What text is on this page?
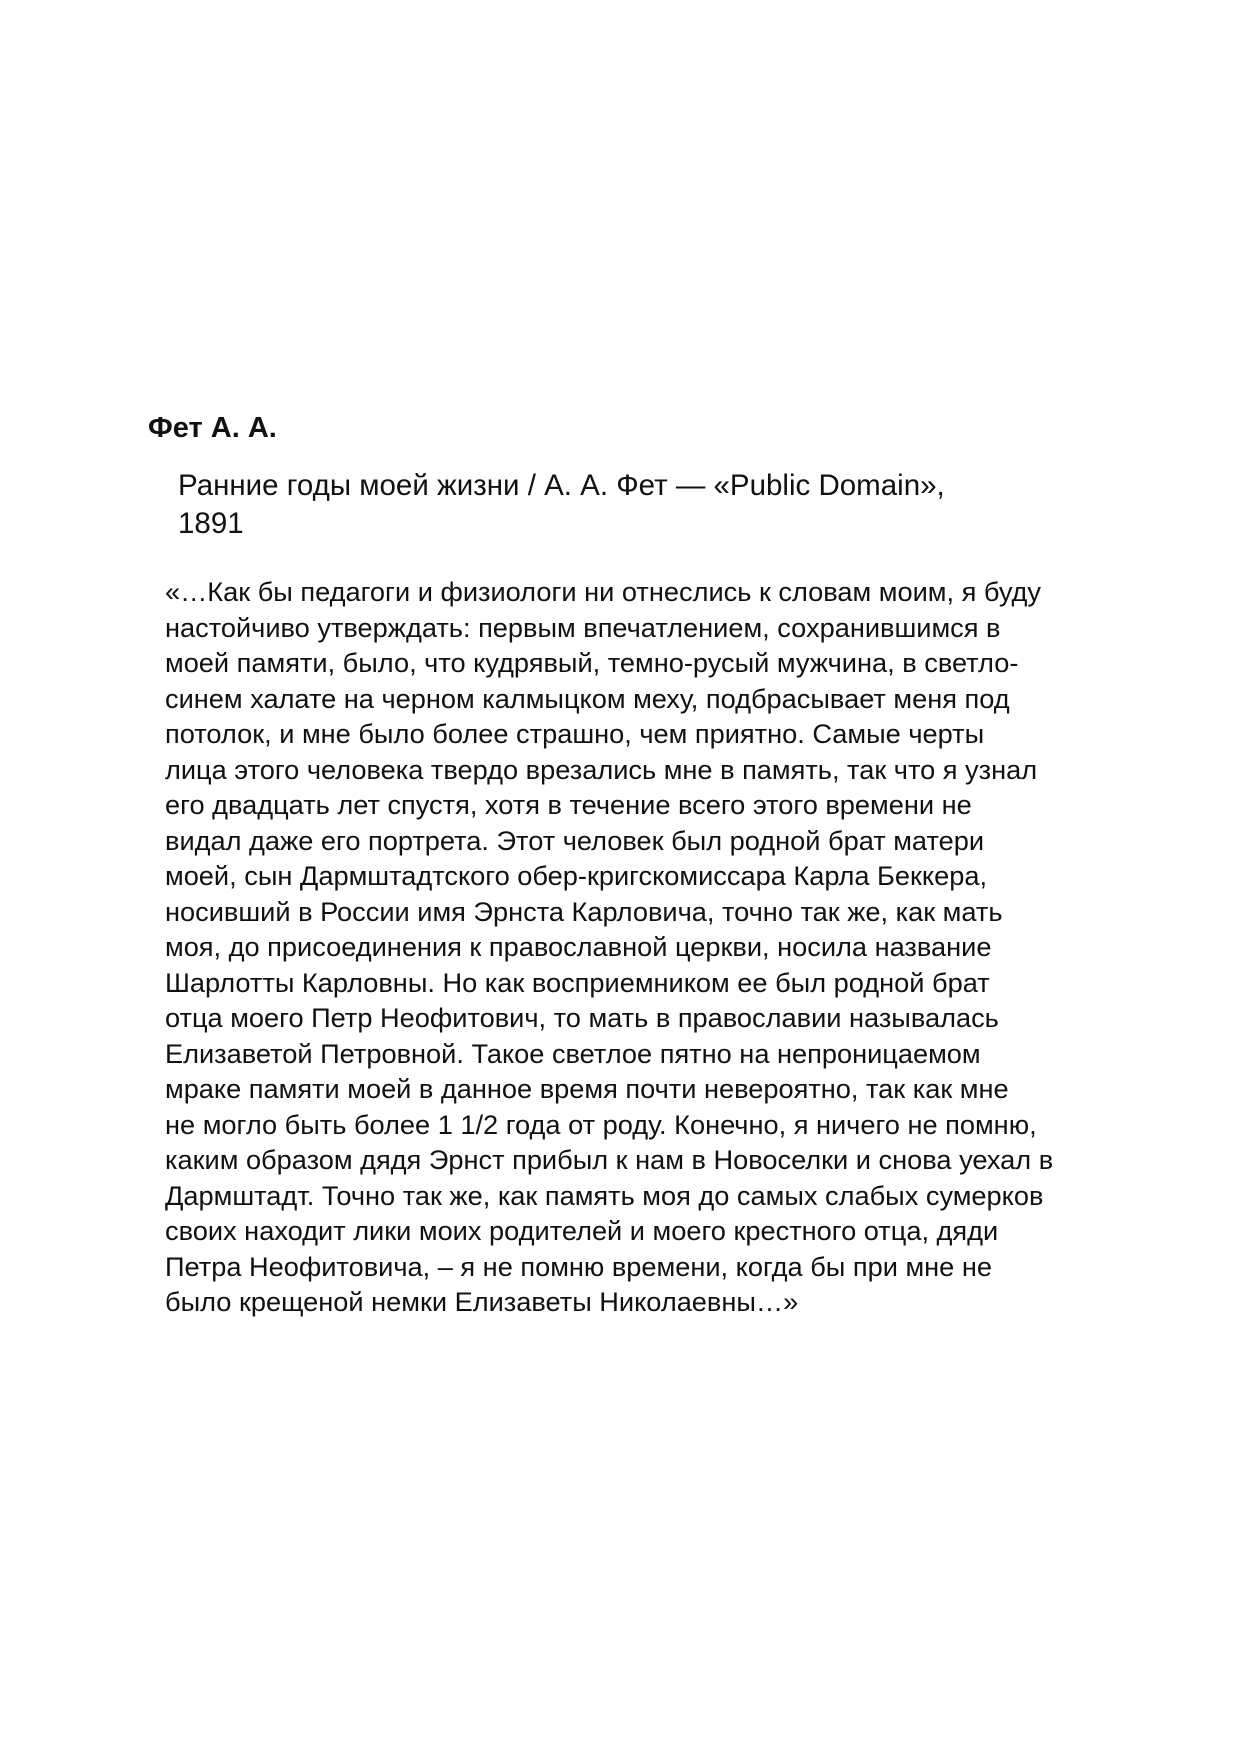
Фет А. А.

Ранние годы моей жизни / А. А. Фет — «Public Domain»,
1891

«…Как бы педагоги и физиологи ни отнеслись к словам моим, я буду
настойчиво утверждать: первым впечатлением, сохранившимся в
моей памяти, было, что кудрявый, темно-русый мужчина, в светло-
синем халате на черном калмыцком меху, подбрасывает меня под
потолок, и мне было более страшно, чем приятно. Самые черты
лица этого человека твердо врезались мне в память, так что я узнал
его двадцать лет спустя, хотя в течение всего этого времени не
видал даже его портрета. Этот человек был родной брат матери
моей, сын Дармштадтского обер-кригскомиссара Карла Беккера,
носивший в России имя Эрнста Карловича, точно так же, как мать
моя, до присоединения к православной церкви, носила название
Шарлотты Карловны. Но как восприемником ее был родной брат
отца моего Петр Неофитович, то мать в православии называлась
Елизаветой Петровной. Такое светлое пятно на непроницаемом
мраке памяти моей в данное время почти невероятно, так как мне
не могло быть более 1 1/2 года от роду. Конечно, я ничего не помню,
каким образом дядя Эрнст прибыл к нам в Новоселки и снова уехал в
Дармштадт. Точно так же, как память моя до самых слабых сумерков
своих находит лики моих родителей и моего крестного отца, дяди
Петра Неофитовича, – я не помню времени, когда бы при мне не
было крещеной немки Елизаветы Николаевны…»
